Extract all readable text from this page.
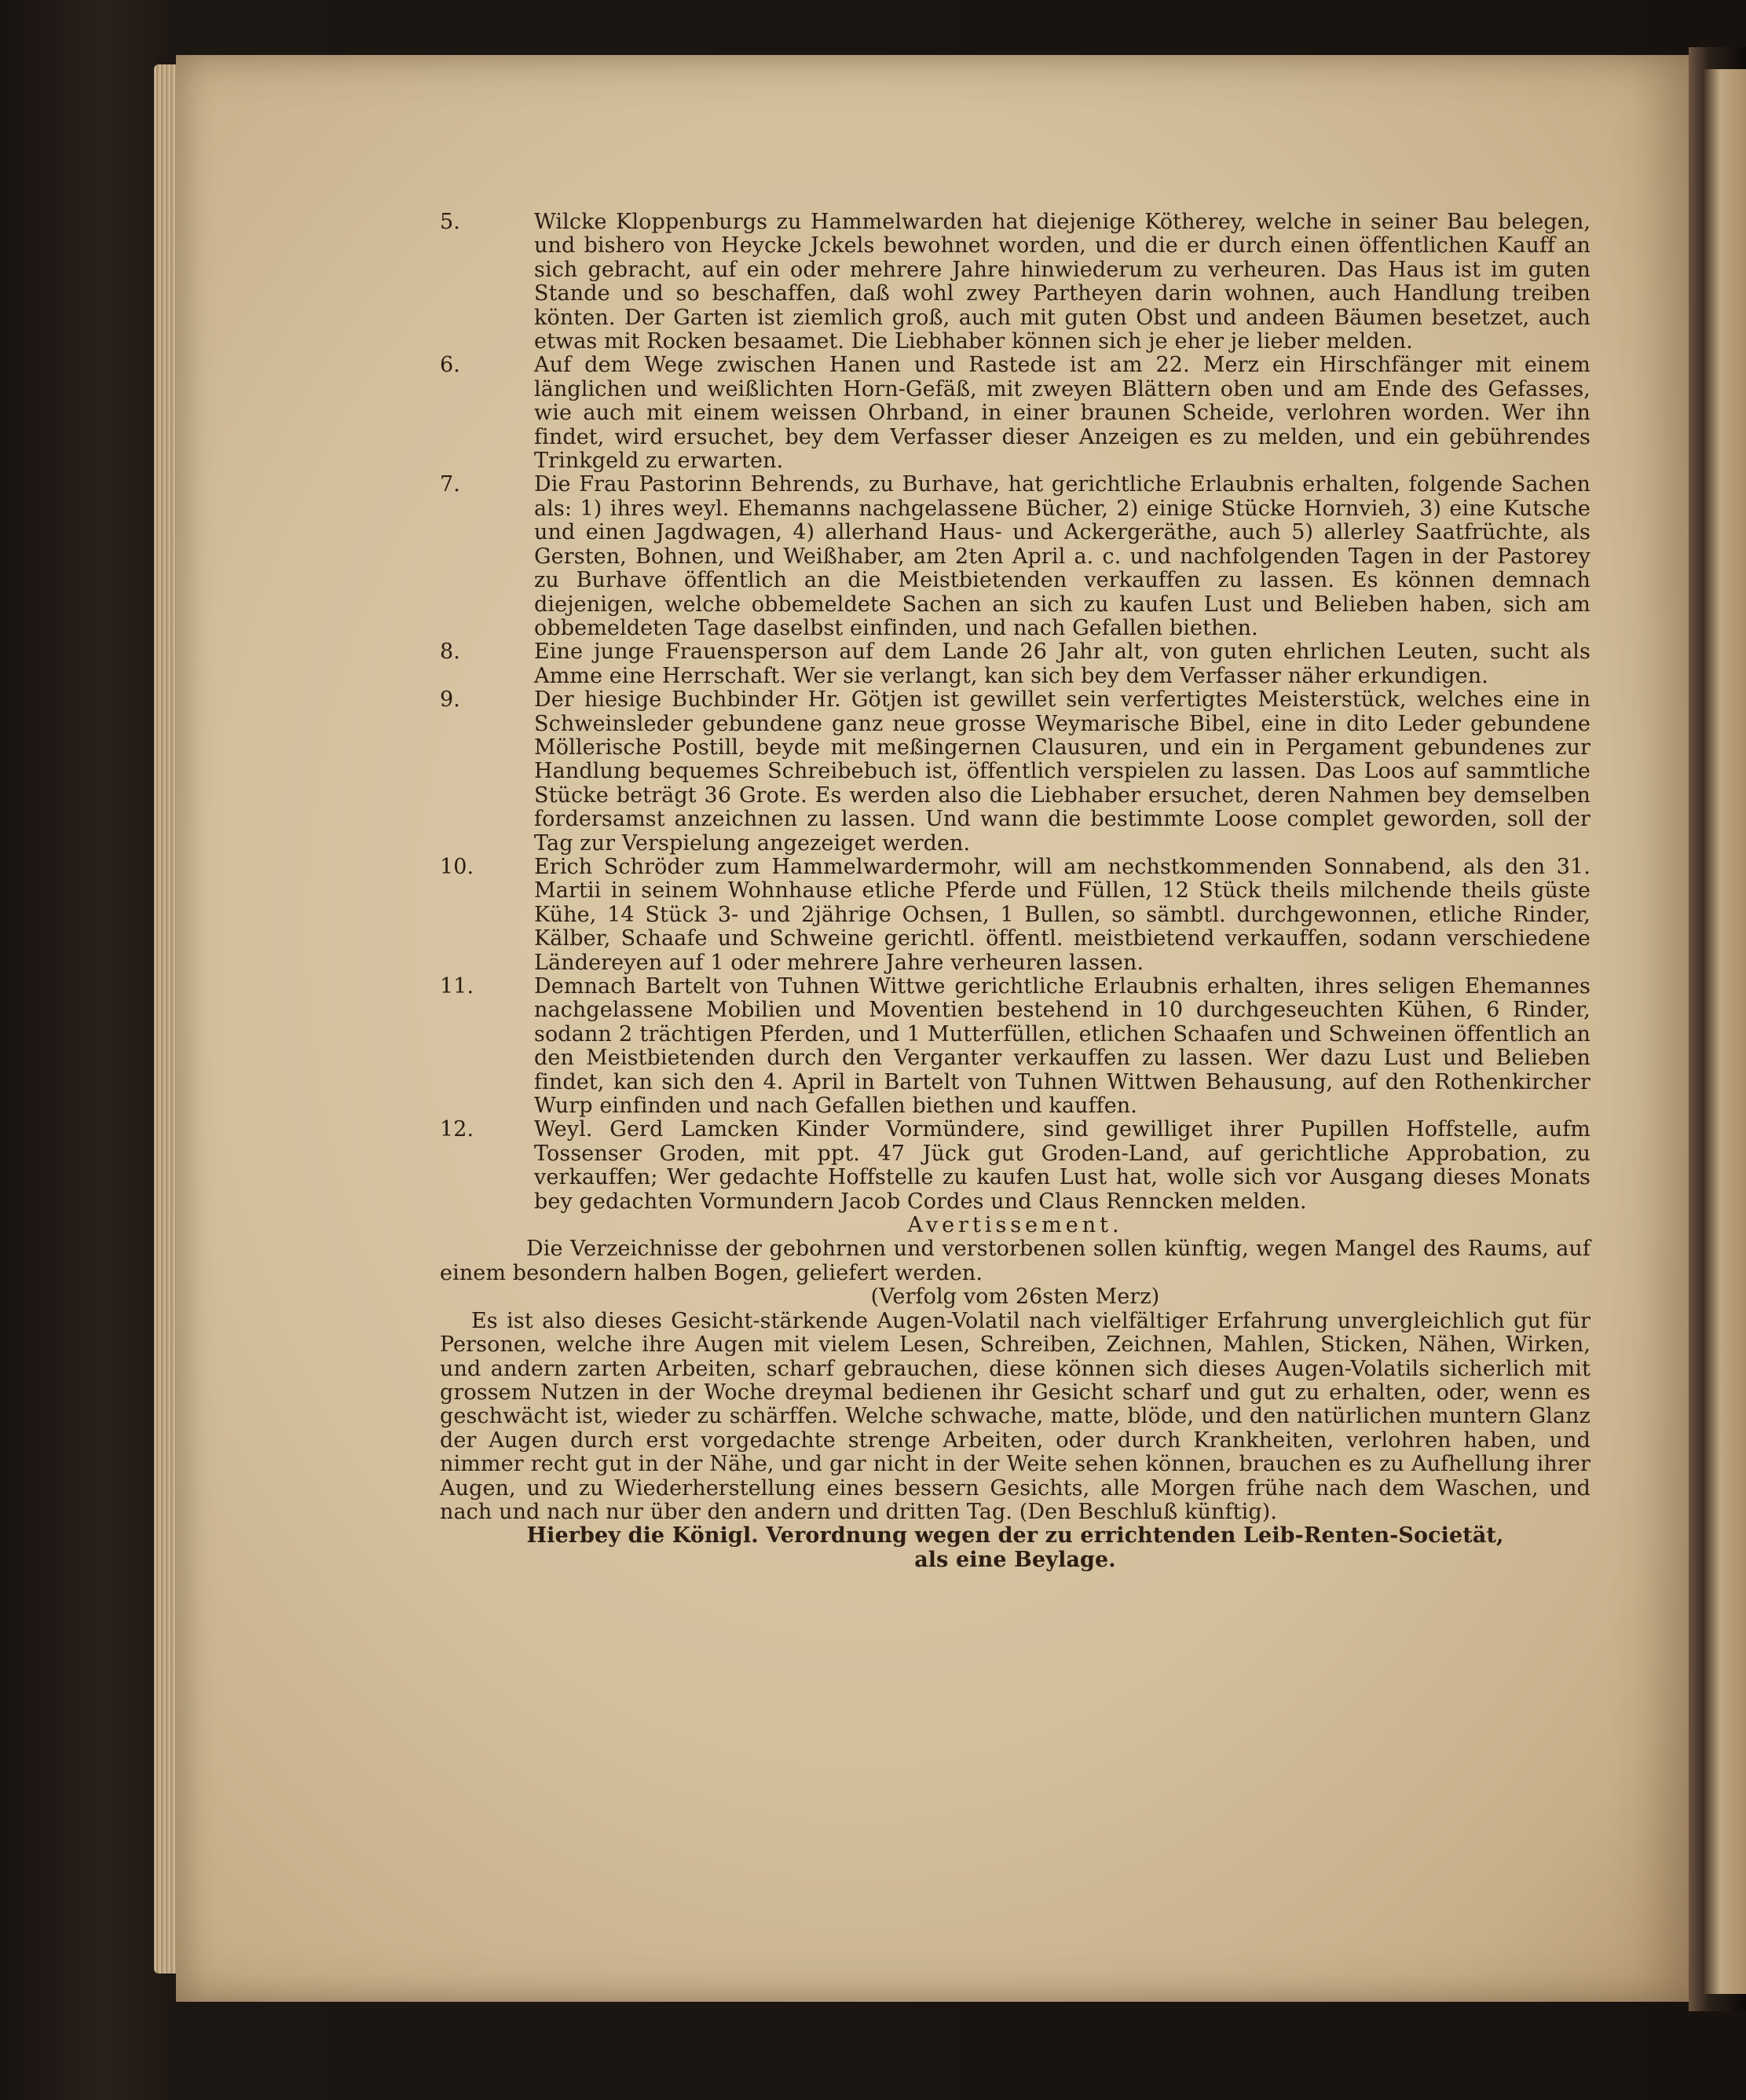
5.	Wilcke Kloppenburgs zu Hammelwarden hat diejenige Kötherey, welche in seiner Bau belegen, und bishero von Heycke Jckels bewohnet worden, und die er durch einen öffentlichen Kauff an sich gebracht, auf ein oder mehrere Jahre hinwiederum zu verheuren. Das Haus ist im guten Stande und so beschaffen, daß wohl zwey Partheyen darin wohnen, auch Handlung treiben könten. Der Garten ist ziemlich groß, auch mit guten Obst und andeen Bäumen besetzet, auch etwas mit Rocken besaamet. Die Liebhaber können sich je eher je lieber melden.

6.	Auf dem Wege zwischen Hanen und Rastede ist am 22. Merz ein Hirschfänger mit einem länglichen und weißlichten Horn-Gefäß, mit zweyen Blättern oben und am Ende des Gefasses, wie auch mit einem weissen Ohrband, in einer braunen Scheide, verlohren worden. Wer ihn findet, wird ersuchet, bey dem Verfasser dieser Anzeigen es zu melden, und ein gebührendes Trinkgeld zu erwarten.

7.	Die Frau Pastorinn Behrends, zu Burhave, hat gerichtliche Erlaubnis erhalten, folgende Sachen als: 1) ihres weyl. Ehemanns nachgelassene Bücher, 2) einige Stücke Hornvieh, 3) eine Kutsche und einen Jagdwagen, 4) allerhand Haus- und Ackergeräthe, auch 5) allerley Saatfrüchte, als Gersten, Bohnen, und Weißhaber, am 2ten April a. c. und nachfolgenden Tagen in der Pastorey zu Burhave öffentlich an die Meistbietenden verkauffen zu lassen. Es können demnach diejenigen, welche obbemeldete Sachen an sich zu kaufen Lust und Belieben haben, sich am obbemeldeten Tage daselbst einfinden, und nach Gefallen biethen.

8.	Eine junge Frauensperson auf dem Lande 26 Jahr alt, von guten ehrlichen Leuten, sucht als Amme eine Herrschaft. Wer sie verlangt, kan sich bey dem Verfasser näher erkundigen.

9.	Der hiesige Buchbinder Hr. Götjen ist gewillet sein verfertigtes Meisterstück, welches eine in Schweinsleder gebundene ganz neue grosse Weymarische Bibel, eine in dito Leder gebundene Möllerische Postill, beyde mit meßingernen Clausuren, und ein in Pergament gebundenes zur Handlung bequemes Schreibebuch ist, öffentlich verspielen zu lassen. Das Loos auf sammtliche Stücke beträgt 36 Grote. Es werden also die Liebhaber ersuchet, deren Nahmen bey demselben fordersamst anzeichnen zu lassen. Und wann die bestimmte Loose complet geworden, soll der Tag zur Verspielung angezeiget werden.

10.	Erich Schröder zum Hammelwardermohr, will am nechstkommenden Sonnabend, als den 31. Martii in seinem Wohnhause etliche Pferde und Füllen, 12 Stück theils milchende theils güste Kühe, 14 Stück 3- und 2jährige Ochsen, 1 Bullen, so sämbtl. durchgewonnen, etliche Rinder, Kälber, Schaafe und Schweine gerichtl. öffentl. meistbietend verkauffen, sodann verschiedene Ländereyen auf 1 oder mehrere Jahre verheuren lassen.

11.	Demnach Bartelt von Tuhnen Wittwe gerichtliche Erlaubnis erhalten, ihres seligen Ehemannes nachgelassene Mobilien und Moventien bestehend in 10 durchgeseuchten Kühen, 6 Rinder, sodann 2 trächtigen Pferden, und 1 Mutterfüllen, etlichen Schaafen und Schweinen öffentlich an den Meistbietenden durch den Verganter verkauffen zu lassen. Wer dazu Lust und Belieben findet, kan sich den 4. April in Bartelt von Tuhnen Wittwen Behausung, auf den Rothenkircher Wurp einfinden und nach Gefallen biethen und kauffen.

12.	Weyl. Gerd Lamcken Kinder Vormündere, sind gewilliget ihrer Pupillen Hoffstelle, aufm Tossenser Groden, mit ppt. 47 Jück gut Groden-Land, auf gerichtliche Approbation, zu verkauffen; Wer gedachte Hoffstelle zu kaufen Lust hat, wolle sich vor Ausgang dieses Monats bey gedachten Vormundern Jacob Cordes und Claus Renncken melden.

Avertissement.

Die Verzeichnisse der gebohrnen und verstorbenen sollen künftig, wegen Mangel des Raums, auf einem besondern halben Bogen, geliefert werden.

(Verfolg vom 26sten Merz)

Es ist also dieses Gesicht-stärkende Augen-Volatil nach vielfältiger Erfahrung unvergleichlich gut für Personen, welche ihre Augen mit vielem Lesen, Schreiben, Zeichnen, Mahlen, Sticken, Nähen, Wirken, und andern zarten Arbeiten, scharf gebrauchen, diese können sich dieses Augen-Volatils sicherlich mit grossem Nutzen in der Woche dreymal bedienen ihr Gesicht scharf und gut zu erhalten, oder, wenn es geschwächt ist, wieder zu schärffen. Welche schwache, matte, blöde, und den natürlichen muntern Glanz der Augen durch erst vorgedachte strenge Arbeiten, oder durch Krankheiten, verlohren haben, und nimmer recht gut in der Nähe, und gar nicht in der Weite sehen können, brauchen es zu Aufhellung ihrer Augen, und zu Wiederherstellung eines bessern Gesichts, alle Morgen frühe nach dem Waschen, und nach und nach nur über den andern und dritten Tag. (Den Beschluß künftig).

Hierbey die Königl. Verordnung wegen der zu errichtenden Leib-Renten-Societät,
als eine Beylage.
